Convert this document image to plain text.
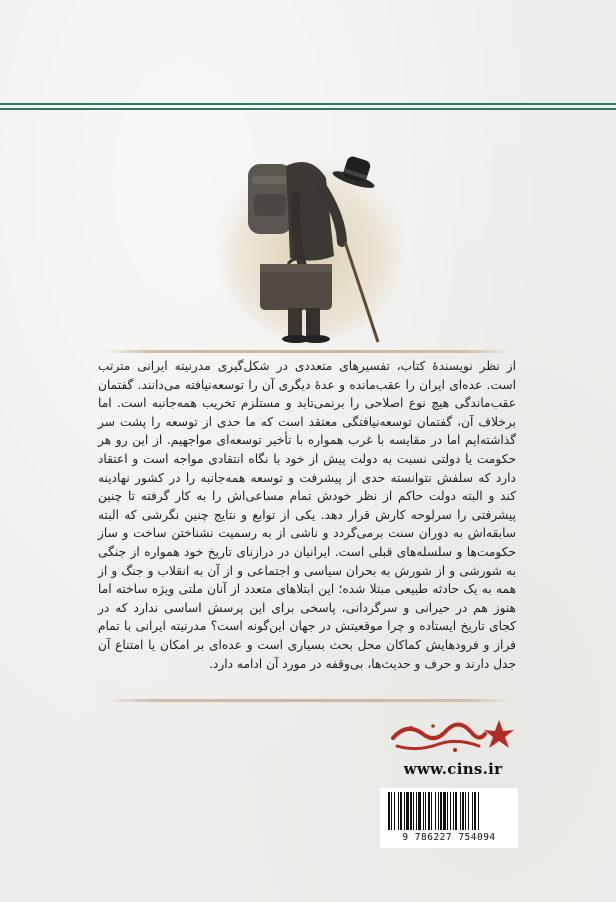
از نظر نویسندۀ کتاب، تفسیرهای متعددی در شکل‌گیری مدرنیته ایرانی مترتب است. عده‌ای ایران را عقب‌مانده و عدۀ دیگری آن را توسعه‌نیافته می‌دانند. گفتمان عقب‌ماندگی هیچ نوع اصلاحی را برنمی‌تابد و مستلزم تخریب همه‌جانبه است. اما برخلاف آن، گفتمان توسعه‌نیافتگی معتقد است که ما حدی از توسعه را پشت سر گذاشته‌ایم اما در مقایسه با غرب همواره با تأخیر توسعه‌ای مواجهیم. از این رو هر حکومت یا دولتی نسبت به دولت پیش از خود با نگاه انتقادی مواجه است و اعتقاد دارد که سلفش نتوانسته حدی از پیشرفت و توسعه همه‌جانبه را در کشور نهادینه کند و البته دولت حاکم از نظر خودش تمام مساعی‌اش را به کار گرفته تا چنین پیشرفتی را سرلوحه کارش قرار دهد. یکی از توابع و نتایج چنین نگرشی که البته سابقه‌اش به دوران سنت برمی‌گردد و ناشی از به رسمیت نشناختن ساخت و ساز حکومت‌ها و سلسله‌های قبلی است. ایرانیان در درازنای تاریخ خود همواره از جنگی به شورشی و از شورش به بحران سیاسی و اجتماعی و از آن به انقلاب و جنگ و از همه به یک حادثه طبیعی مبتلا شده؛ این ابتلاهای متعدد از آنان ملتی ویژه ساخته اما هنوز هم در حیرانی و سرگردانی، پاسخی برای این پرسش اساسی ندارد که در کجای تاریخ ایستاده و چرا موقعیتش در جهان این‌گونه است؟ مدرنیته ایرانی با تمام فراز و فرودهایش کماکان محل بحث بسیاری است و عده‌ای بر امکان یا امتناع آن جدل دارند و حرف و حدیث‌ها، بی‌وقفه در مورد آن ادامه دارد.

www.cins.ir
9 786227 754094
